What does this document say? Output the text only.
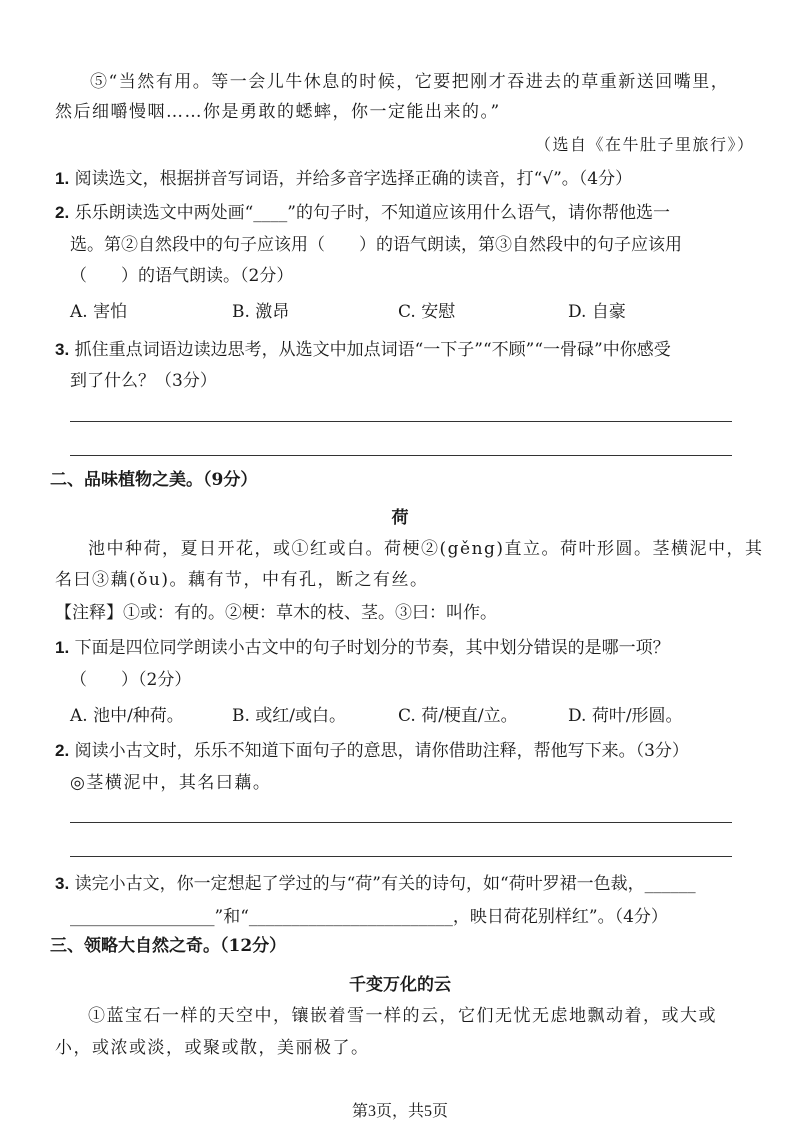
⑤“当然有用。等一会儿牛休息的时候，它要把刚才吞进去的草重新送回嘴里，
然后细嚼慢咽……你是勇敢的蟋蟀，你一定能出来的。”
（选自《在牛肚子里旅行》）
1. 阅读选文，根据拼音写词语，并给多音字选择正确的读音，打“√”。（4分）
2. 乐乐朗读选文中两处画“____”的句子时，不知道应该用什么语气，请你帮他选一
选。第②自然段中的句子应该用（　　）的语气朗读，第③自然段中的句子应该用
（　　）的语气朗读。（2分）
A. 害怕	B. 激昂	C. 安慰	D. 自豪
3. 抓住重点词语边读边思考，从选文中加点词语“一下子”“不顾”“一骨碌”中你感受
到了什么？（3分）
二、品味植物之美。（9分）
荷
池中种荷，夏日开花，或①红或白。荷梗②(gěng)直立。荷叶形圆。茎横泥中，其
名曰③藕(ǒu)。藕有节，中有孔，断之有丝。
【注释】①或：有的。②梗：草木的枝、茎。③曰：叫作。
1. 下面是四位同学朗读小古文中的句子时划分的节奏，其中划分错误的是哪一项？
（　　）（2分）
A. 池中/种荷。	B. 或红/或白。	C. 荷/梗直/立。	D. 荷叶/形圆。
2. 阅读小古文时，乐乐不知道下面句子的意思，请你借助注释，帮他写下来。（3分）
◎茎横泥中，其名曰藕。
3. 读完小古文，你一定想起了学过的与“荷”有关的诗句，如“荷叶罗裙一色裁，______
_________________”和“________________________，映日荷花别样红”。（4分）
三、领略大自然之奇。（12分）
千变万化的云
①蓝宝石一样的天空中，镶嵌着雪一样的云，它们无忧无虑地飘动着，或大或
小，或浓或淡，或聚或散，美丽极了。
第3页，共5页
